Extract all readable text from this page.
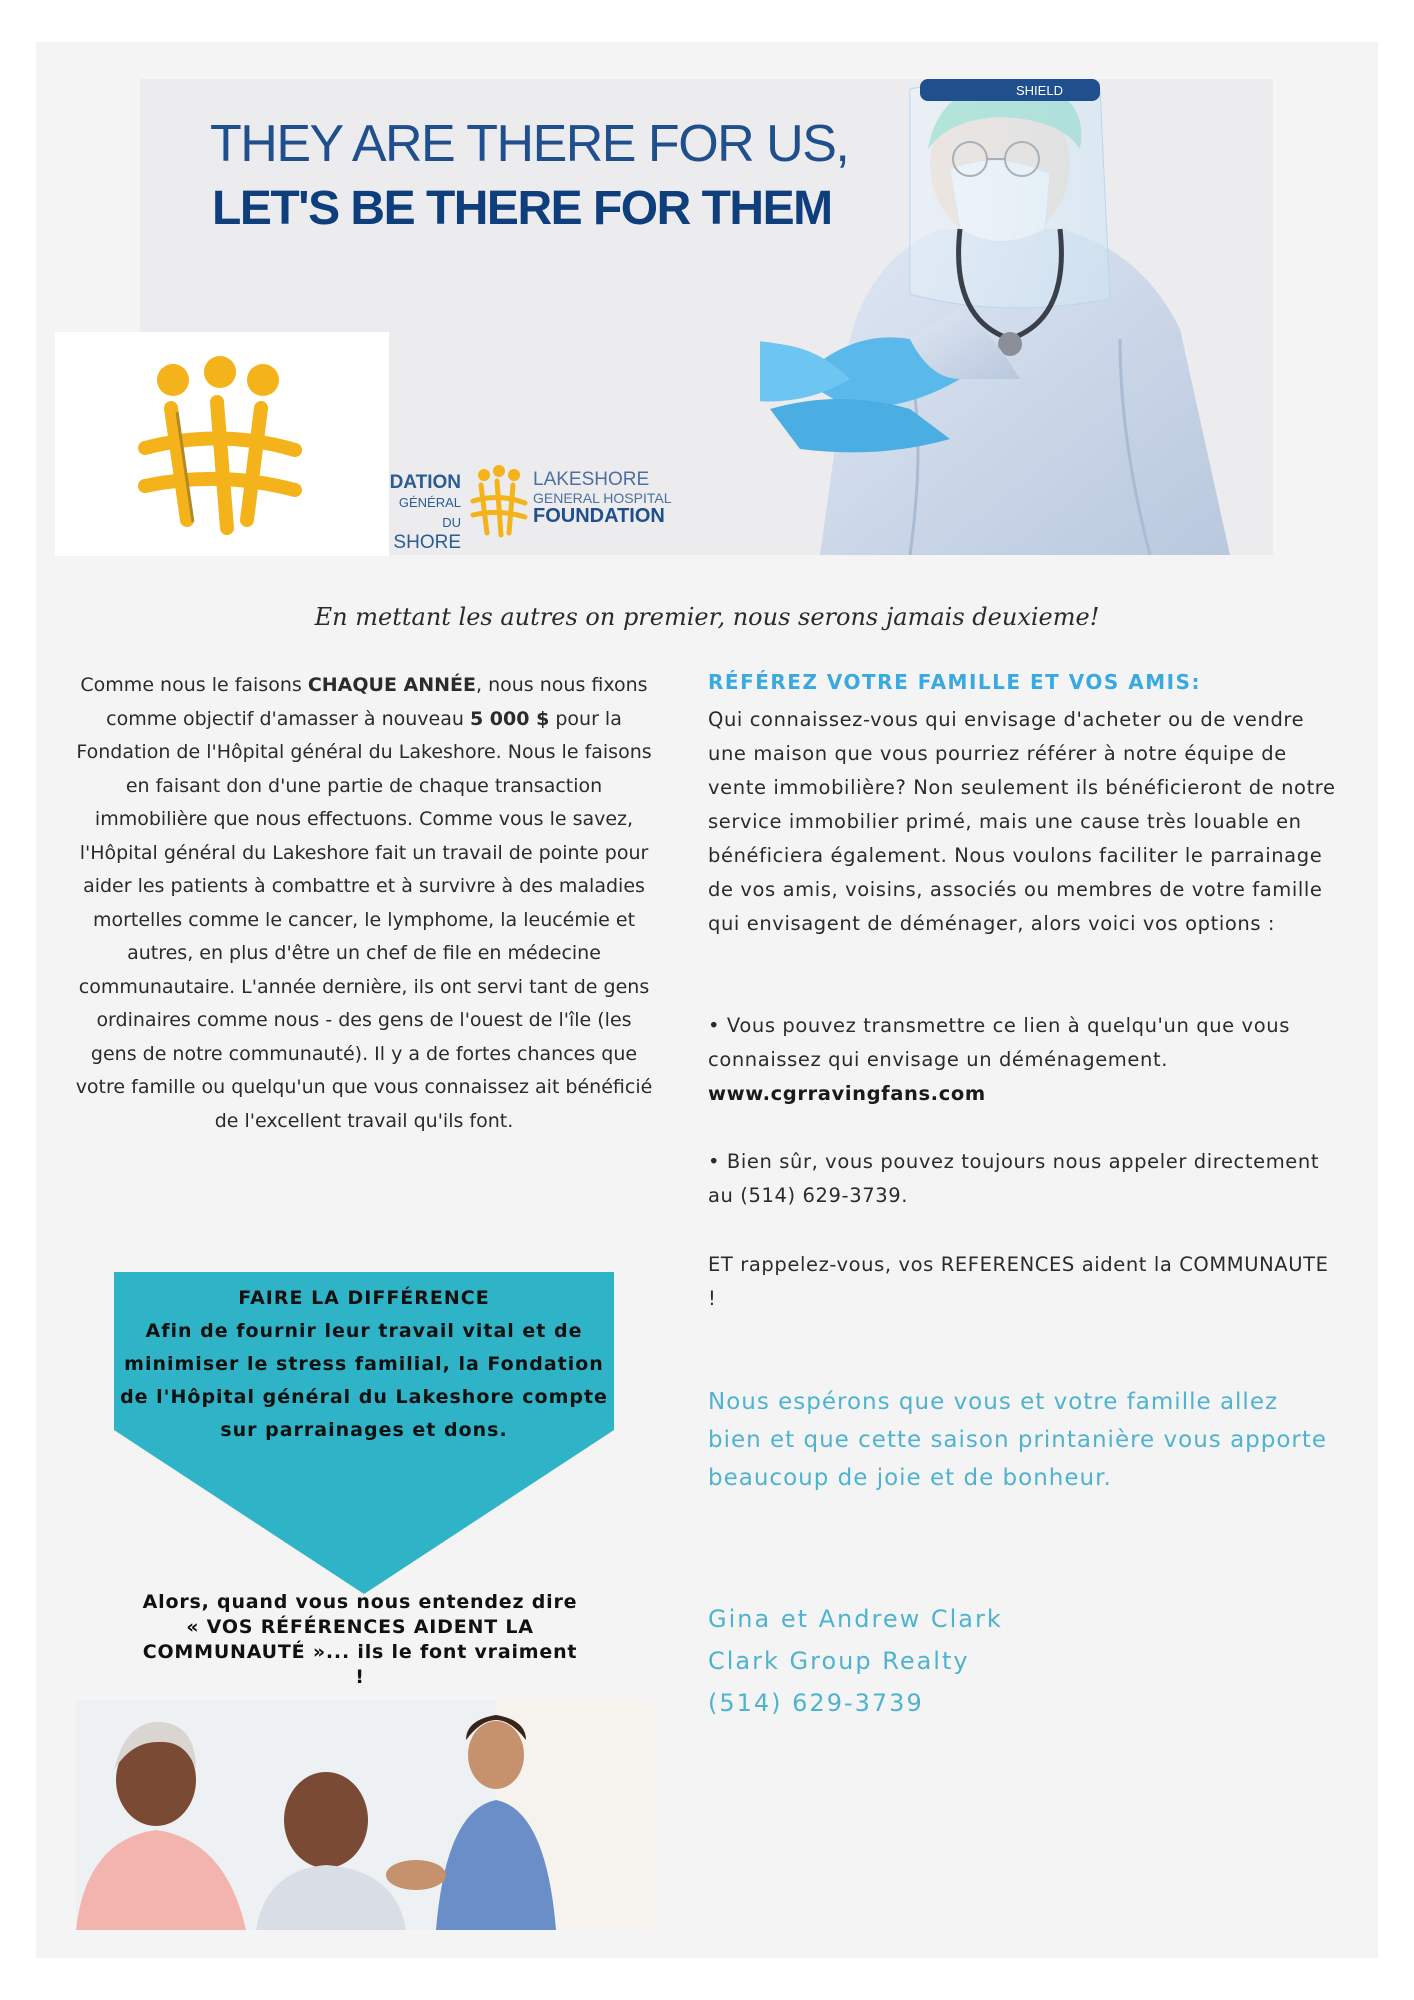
THEY ARE THERE FOR US,
LET'S BE THERE FOR THEM
SHIELD
DATION
GÉNÉRAL DU
SHORE
LAKESHORE
GENERAL HOSPITAL
FOUNDATION
En mettant les autres on premier, nous serons jamais deuxieme!
Comme nous le faisons CHAQUE ANNÉE, nous nous fixons comme objectif d'amasser à nouveau 5 000 $ pour la Fondation de l'Hôpital général du Lakeshore. Nous le faisons en faisant don d'une partie de chaque transaction immobilière que nous effectuons. Comme vous le savez, l'Hôpital général du Lakeshore fait un travail de pointe pour aider les patients à combattre et à survivre à des maladies mortelles comme le cancer, le lymphome, la leucémie et autres, en plus d'être un chef de file en médecine communautaire. L'année dernière, ils ont servi tant de gens ordinaires comme nous - des gens de l'ouest de l'île (les gens de notre communauté). Il y a de fortes chances que votre famille ou quelqu'un que vous connaissez ait bénéficié de l'excellent travail qu'ils font.
FAIRE LA DIFFÉRENCE
Afin de fournir leur travail vital et de minimiser le stress familial, la Fondation de l'Hôpital général du Lakeshore compte sur parrainages et dons.
Alors, quand vous nous entendez dire « VOS RÉFÉRENCES AIDENT LA COMMUNAUTÉ »... ils le font vraiment !
RÉFÉREZ VOTRE FAMILLE ET VOS AMIS:
Qui connaissez-vous qui envisage d'acheter ou de vendre une maison que vous pourriez référer à notre équipe de vente immobilière? Non seulement ils bénéficieront de notre service immobilier primé, mais une cause très louable en bénéficiera également. Nous voulons faciliter le parrainage de vos amis, voisins, associés ou membres de votre famille qui envisagent de déménager, alors voici vos options :
• Vous pouvez transmettre ce lien à quelqu'un que vous connaissez qui envisage un déménagement.
www.cgrravingfans.com
• Bien sûr, vous pouvez toujours nous appeler directement au (514) 629-3739.
ET rappelez-vous, vos REFERENCES aident la COMMUNAUTE !
Nous espérons que vous et votre famille allez bien et que cette saison printanière vous apporte beaucoup de joie et de bonheur.
Gina et Andrew Clark
Clark Group Realty
(514) 629-3739
